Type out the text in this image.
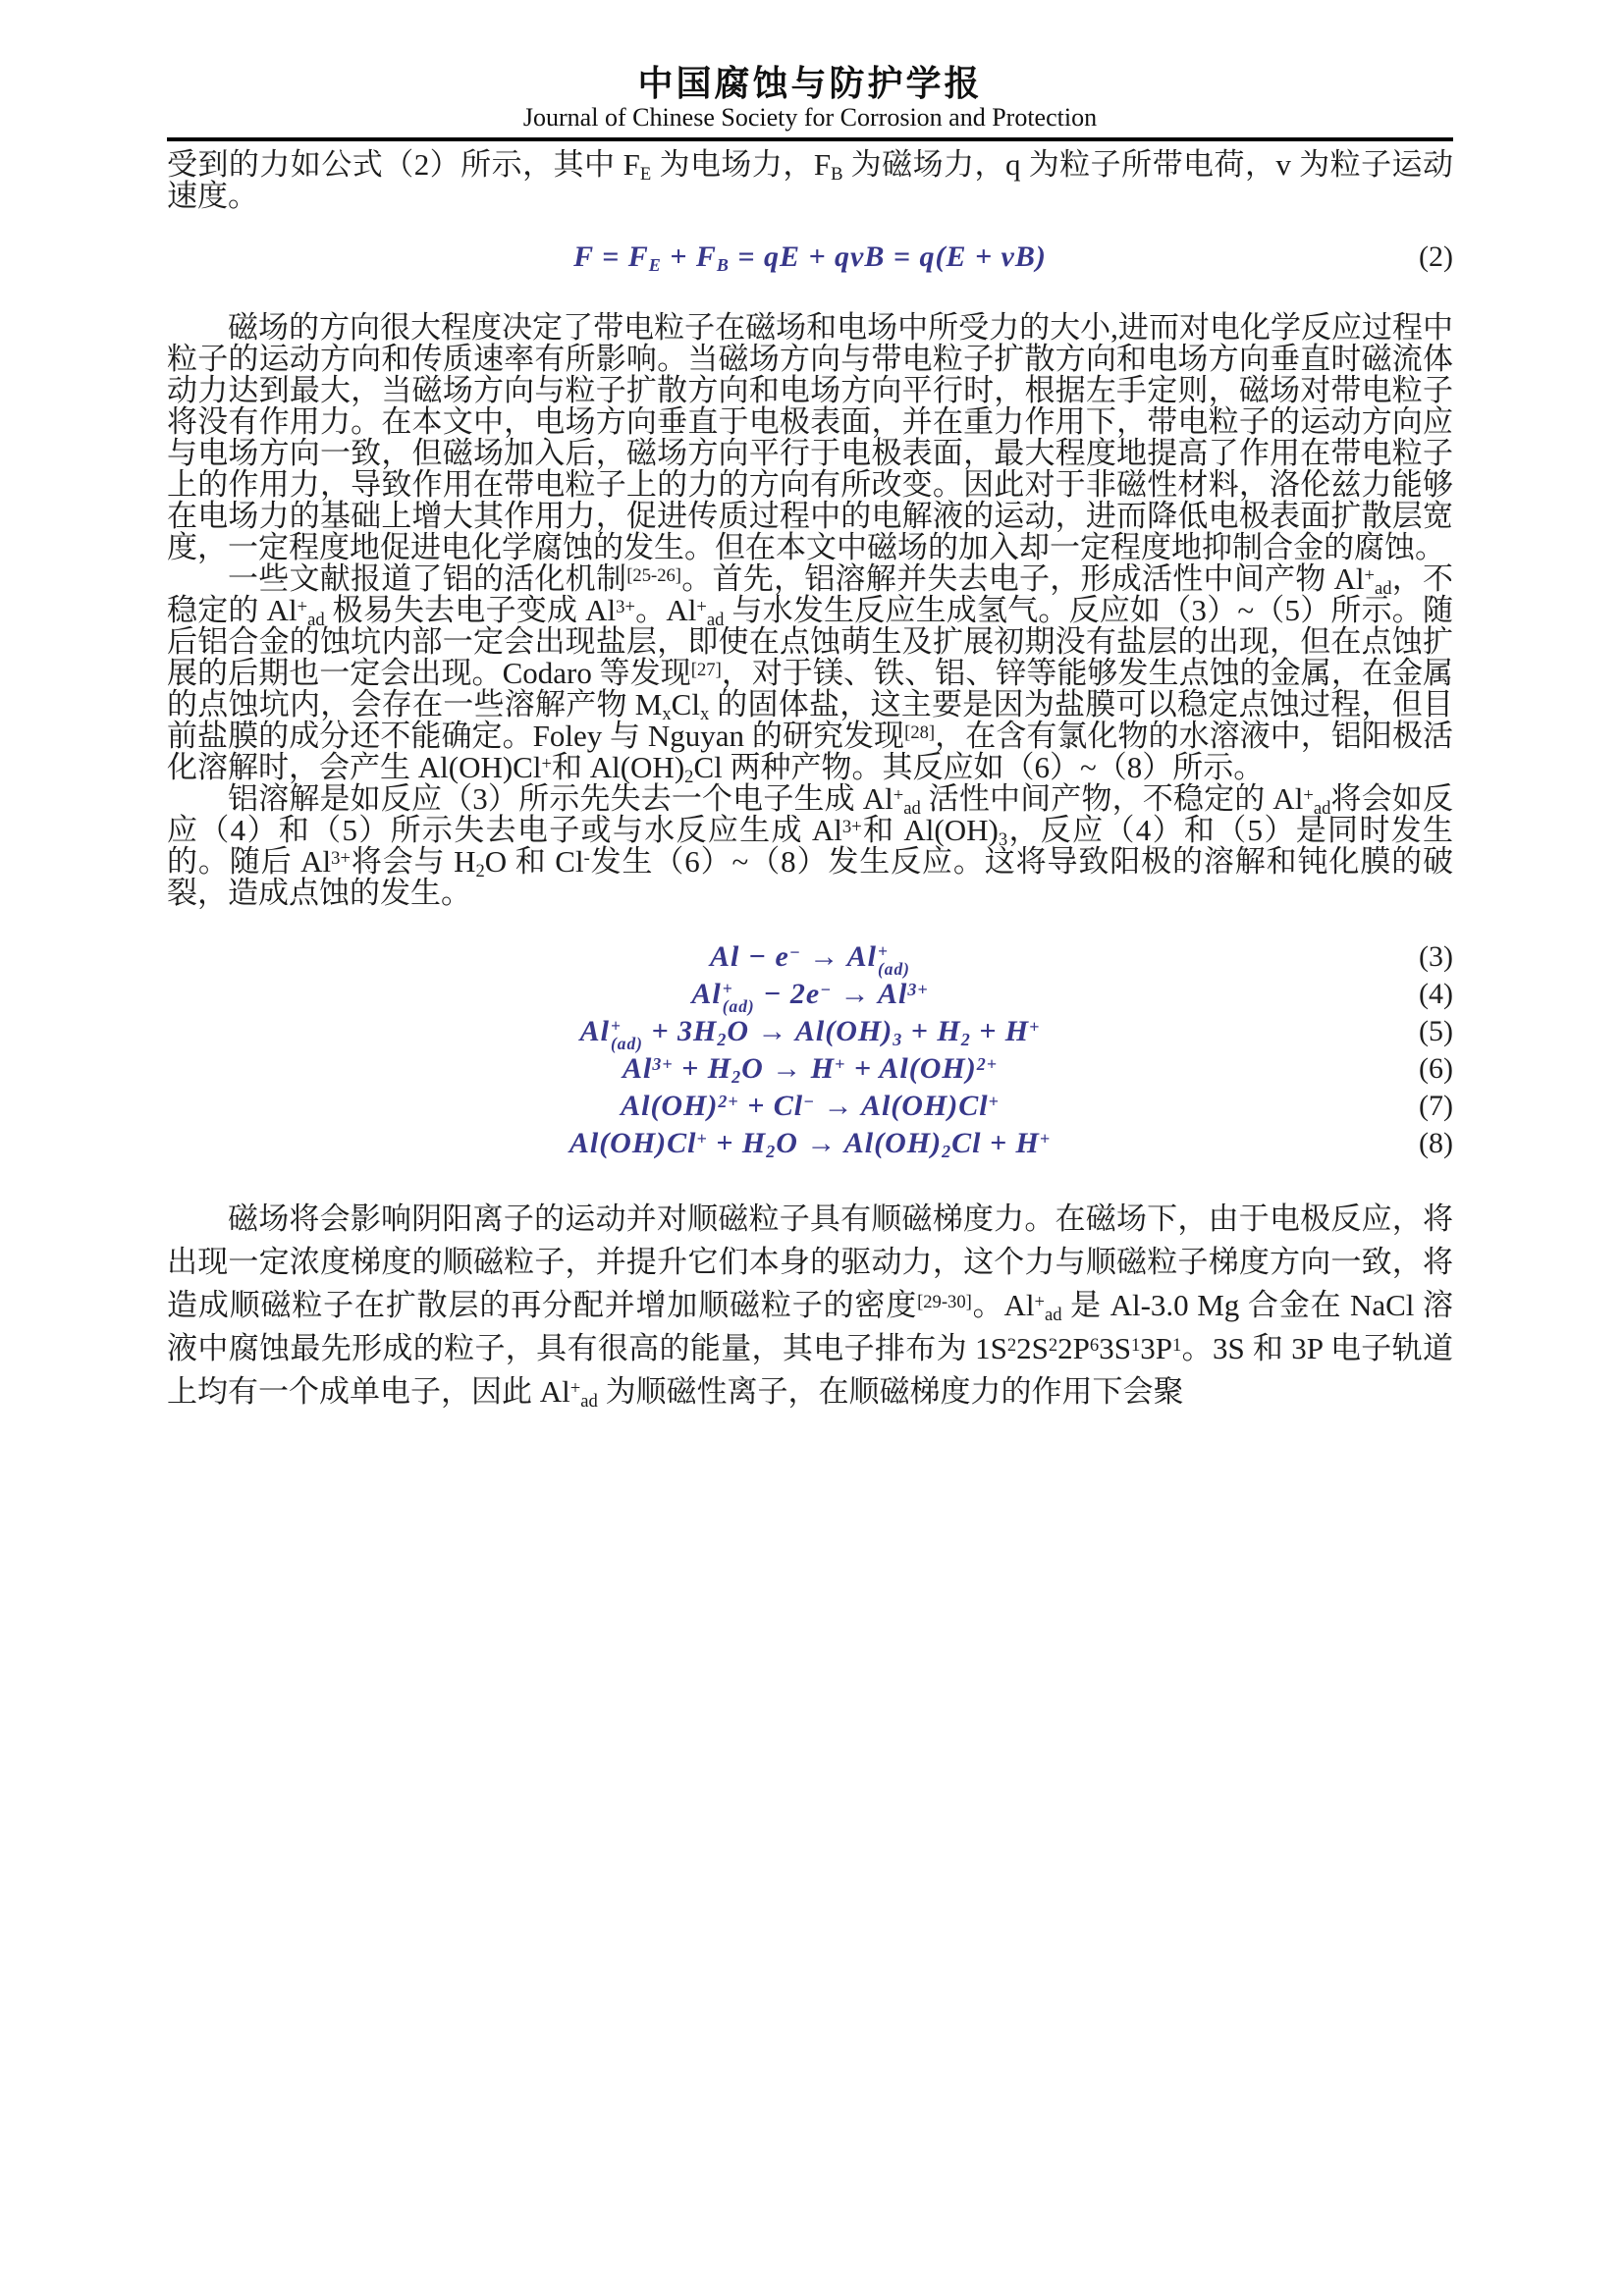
中国腐蚀与防护学报
Journal of Chinese Society for Corrosion and Protection

受到的力如公式（2）所示，其中 $F_E$ 为电场力，$F_B$ 为磁场力，q 为粒子所带电荷，v 为粒子运动速度。

$F = F_E + F_B$ = qE + qvB = q(E + vB)	(2)

磁场的方向很大程度决定了带电粒子在磁场和电场中所受力的大小,进而对电化学反应过程中粒子的运动方向和传质速率有所影响。当磁场方向与带电粒子扩散方向和电场方向垂直时磁流体动力达到最大，当磁场方向与粒子扩散方向和电场方向平行时，根据左手定则，磁场对带电粒子将没有作用力。在本文中，电场方向垂直于电极表面，并在重力作用下，带电粒子的运动方向应与电场方向一致，但磁场加入后，磁场方向平行于电极表面，最大程度地提高了作用在带电粒子上的作用力，导致作用在带电粒子上的力的方向有所改变。因此对于非磁性材料，洛伦兹力能够在电场力的基础上增大其作用力，促进传质过程中的电解液的运动，进而降低电极表面扩散层宽度，一定程度地促进电化学腐蚀的发生。但在本文中磁场的加入却一定程度地抑制合金的腐蚀。

一些文献报道了铝的活化机制[25-26]。首先，铝溶解并失去电子，形成活性中间产物 $Al^+_{ad}$，不稳定的 $Al^+_{ad}$ 极易失去电子变成 $Al^{3+}$。$Al^+_{ad}$ 与水发生反应生成氢气。反应如（3）~（5）所示。随后铝合金的蚀坑内部一定会出现盐层，即使在点蚀萌生及扩展初期没有盐层的出现，但在点蚀扩展的后期也一定会出现。Codaro 等发现[27]，对于镁、铁、铝、锌等能够发生点蚀的金属，在金属的点蚀坑内，会存在一些溶解产物 $M_xCl_x$ 的固体盐，这主要是因为盐膜可以稳定点蚀过程，但目前盐膜的成分还不能确定。Foley 与 Nguyan 的研究发现[28]，在含有氯化物的水溶液中，铝阳极活化溶解时，会产生 Al(OH)Cl+和 $Al(OH)_2Cl$ 两种产物。其反应如（6）~（8）所示。

铝溶解是如反应（3）所示先失去一个电子生成 $Al^+_{ad}$ 活性中间产物，不稳定的 $Al^+_{ad}$将会如反应（4）和（5）所示失去电子或与水反应生成 $Al^{3+}$和 $Al(OH)_3$，反应（4）和（5）是同时发生的。随后 $Al^{3+}$将会与 $H_2O$ 和 Cl-发生（6）~（8）发生反应。这将导致阳极的溶解和钝化膜的破裂，造成点蚀的发生。

Al − e− → Al +
(ad)	(3)
Al +
$(ad) - 2e^- \to Al^{3+}$	(4)
Al +
$(ad) + 3H_2O \to Al(OH)_3 + H_2 + H^+$	(5)
$Al^{3+} + H_2O \to H^+ + Al(OH)^{2+}$	(6)
Al(OH)$^{2+}$ + Cl− → Al(OH)Cl+	(7)
$Al(OH)Cl^+ + H_2O \to Al(OH)_2Cl + H^+$	(8)

磁场将会影响阴阳离子的运动并对顺磁粒子具有顺磁梯度力。在磁场下，由于电极反应，将出现一定浓度梯度的顺磁粒子，并提升它们本身的驱动力，这个力与顺磁粒子梯度方向一致，将造成顺磁粒子在扩散层的再分配并增加顺磁粒子的密度[29-30]。$Al^+_{ad}$ 是 Al-3.0 Mg 合金在 NaCl 溶液中腐蚀最先形成的粒子，具有很高的能量，其电子排布为 $1S^22S^22P^63S^13P^1$。3S 和 3P 电子轨道上均有一个成单电子，因此 $Al^+_{ad}$ 为顺磁性离子，在顺磁梯度力的作用下会聚
